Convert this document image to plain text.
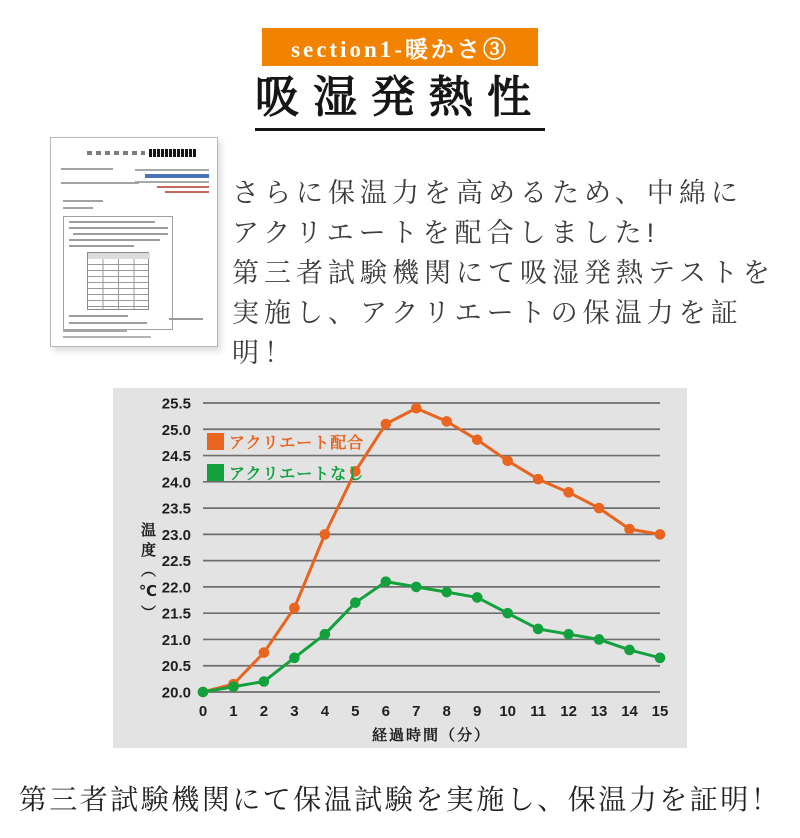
section1-暖かさ③
吸湿発熱性

さらに保温力を高めるため、中綿に
アクリエートを配合しました!
第三者試験機関にて吸湿発熱テストを
実施し、アクリエートの保温力を証明！

20.0
20.5
21.0
21.5
22.0
22.5
23.0
23.5
24.0
24.5
25.0
25.5
0 1 2 3 4 5 6 7 8 9 10 11 12 13 14 15
経過時間（分）
温度（℃）
アクリエート配合
アクリエートなし

第三者試験機関にて保温試験を実施し、保温力を証明！
